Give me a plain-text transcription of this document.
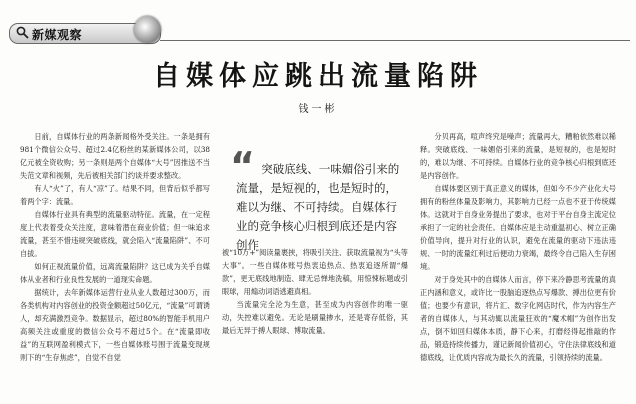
新媒观察
自媒体应跳出流量陷阱
钱一彬

日前，自媒体行业的两条新闻格外受关注。一条是拥有981个微信公众号、超过2.4亿粉丝的某新媒体公司，以38亿元被全资收购；另一条则是两个自媒体“大号”因推送不当失范文章和视频，先后被相关部门约谈并要求整改。

有人“火”了，有人“凉”了。结果不同，但背后似乎都写着两个字：流量。

自媒体行业具有典型的流量驱动特征。流量，在一定程度上代表着受众关注度，意味着潜在商业价值；但一味追求流量，甚至不惜违规突破底线，就会陷入“流量陷阱”、不可自拔。

如何正视流量价值，远离流量陷阱？这已成为关乎自媒体从业者和行业良性发展的一道现实命题。

据统计，去年新媒体运营行业从业人数超过300万，而各类机构对内容创业的投资金额超过50亿元，“流量”可谓诱人，却充满激烈竞争。数据显示，超过80%的智能手机用户高频关注或重度的微信公众号不超过5个。在“流量即收益”的互联网盈利模式下，一些自媒体账号围于流量变现规则下的“生存焦虑”，自觉不自觉

“ 突破底线、一味媚俗引来的流量，是短视的，也是短时的，难以为继、不可持续。自媒体行业的竞争核心归根到底还是内容创作

被“10万+”阅读量裹挟，将吸引关注、获取流量视为“头等大事”。一些自媒体账号热衷追热点、热衷追逐所谓“爆款”，更无底线地制造、肆无忌惮地洗稿，用惊悚标题或引眼球，用煽动词语逃避真相。

当流量完全沦为生意，甚至成为内容创作的唯一驱动，失控难以避免。无论是刷量掺水，还是寄存低俗，其最后无异于搏人眼球、博取流量。

分贝再高，喧声终究是噪声；流量再大，糟粕依然难以稀释。突破底线、一味媚俗引来的流量，是短视的，也是短时的，难以为继、不可持续。自媒体行业的竞争核心归根到底还是内容创作。

自媒体要区别于真正意义的媒体，但如今不少产业化大号拥有的粉丝体量及影响力，其影响力已经一点也不亚于传统媒体。这就对于自身业务提出了要求，也对于平台自身主流定位承担了一定的社会责任。自媒体应是主动重温初心、树立正确价值导向，提升对行业的认识，避免在流量的驱动下违法违规、一时的流量红利过后便动力衰竭，最终令自己陷入生存困境。

对于身处其中的自媒体人而言，停下来冷静思考流量的真正内涵和意义，或许比一股脑追逐热点写爆款、搏出位更有价值；也要少有意识，将片汇、数字化网店时代，作为内容生产者的自媒体人，与其动辄以流量狂欢的“魔术帽”为创作出发点，倒不如回归媒体本质，静下心来，打磨经得起推敲的作品，锻造持续传播力，谨记新闻价值初心，守住法律底线和道德底线，让优质内容成为最长久的流量，引领持续的流量。
